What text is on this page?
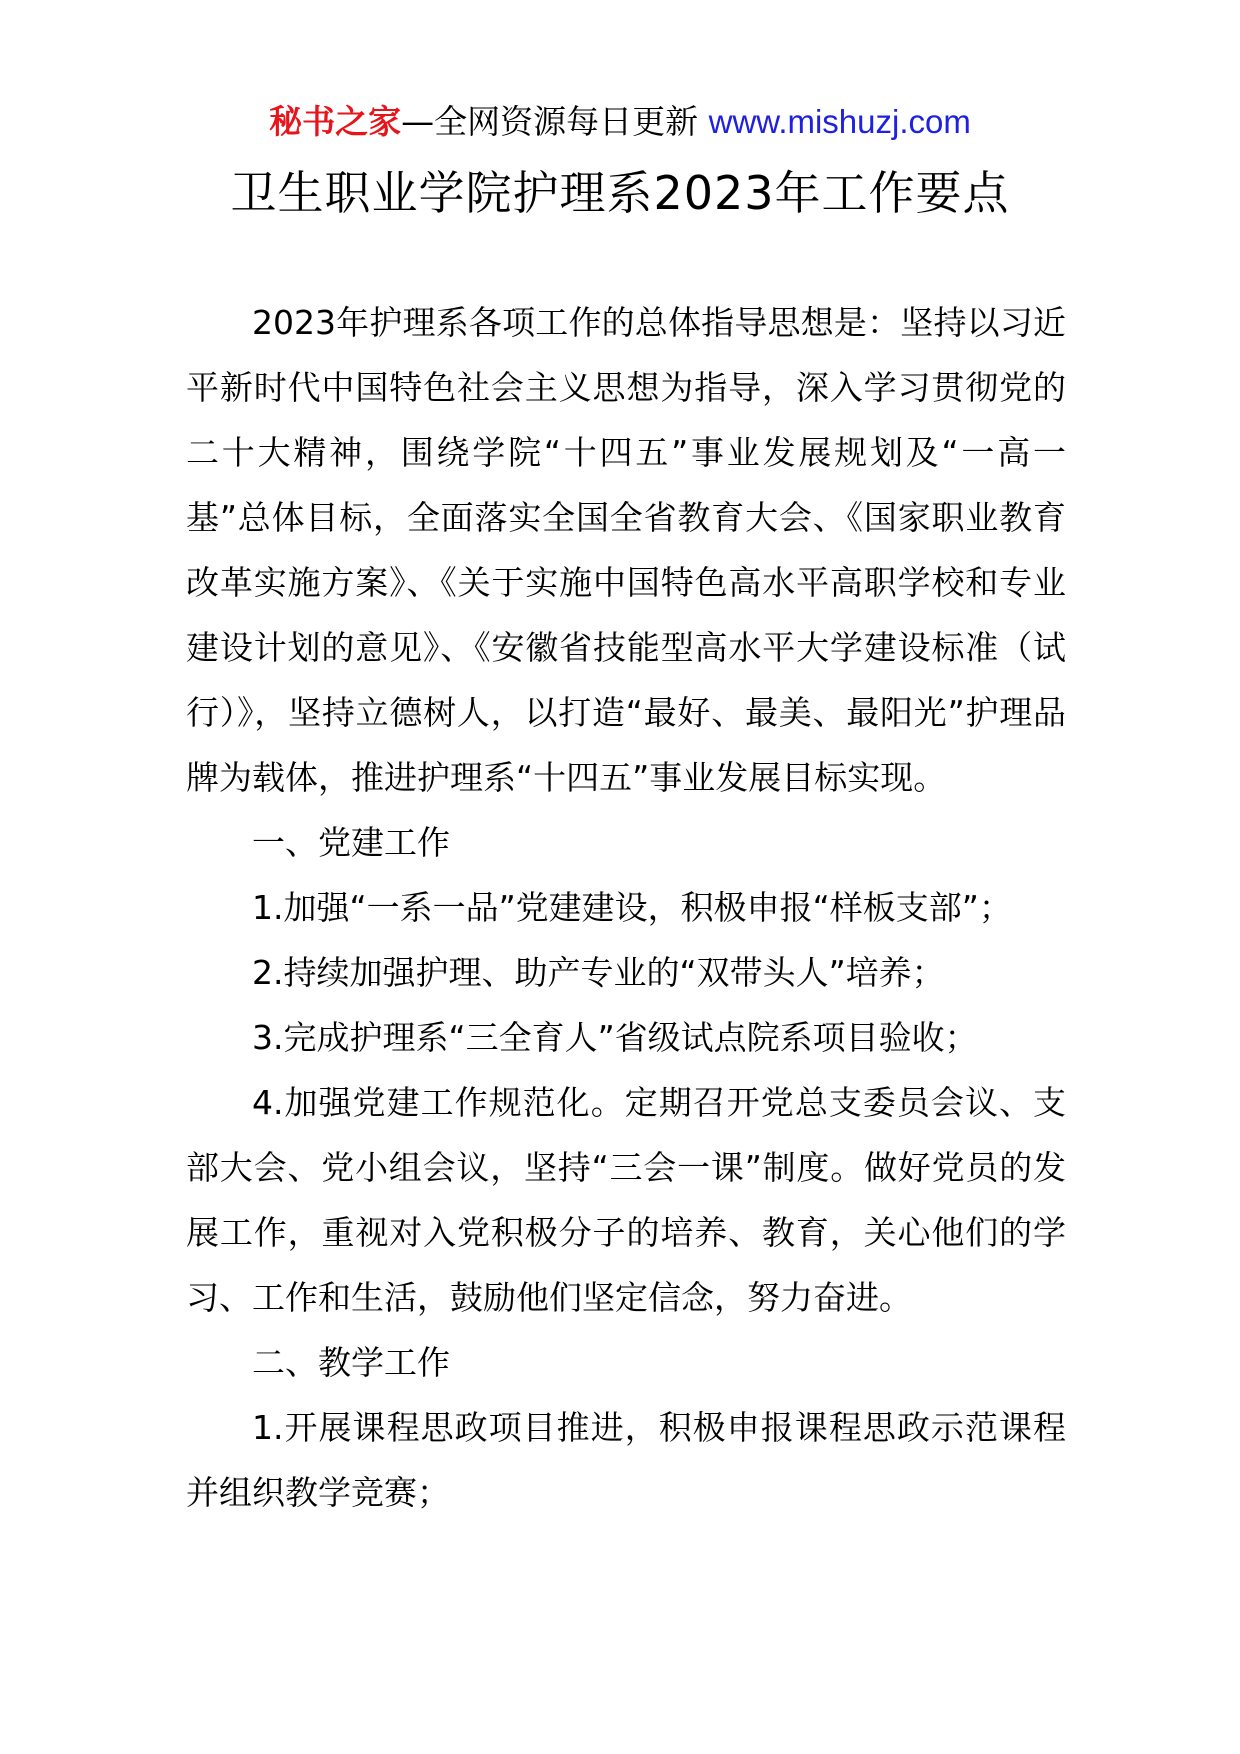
秘书之家—全网资源每日更新 www.mishuzj.com
卫生职业学院护理系2023年工作要点

2023年护理系各项工作的总体指导思想是：坚持以习近平新时代中国特色社会主义思想为指导，深入学习贯彻党的二十大精神，围绕学院“十四五”事业发展规划及“一高一基”总体目标，全面落实全国全省教育大会、《国家职业教育改革实施方案》、《关于实施中国特色高水平高职学校和专业建设计划的意见》、《安徽省技能型高水平大学建设标准（试行）》，坚持立德树人，以打造“最好、最美、最阳光”护理品牌为载体，推进护理系“十四五”事业发展目标实现。

一、党建工作

1.加强“一系一品”党建建设，积极申报“样板支部”；

2.持续加强护理、助产专业的“双带头人”培养；

3.完成护理系“三全育人”省级试点院系项目验收；

4.加强党建工作规范化。定期召开党总支委员会议、支部大会、党小组会议，坚持“三会一课”制度。做好党员的发展工作，重视对入党积极分子的培养、教育，关心他们的学习、工作和生活，鼓励他们坚定信念，努力奋进。

二、教学工作

1.开展课程思政项目推进，积极申报课程思政示范课程并组织教学竞赛；
